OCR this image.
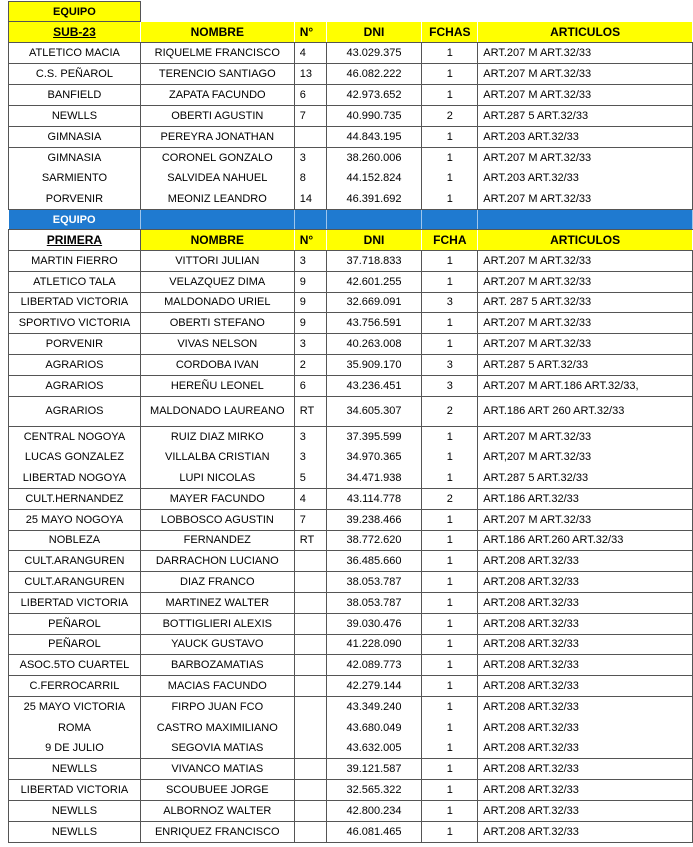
EQUIPO					
SUB-23	NOMBRE	N°	DNI	FCHAS	ARTICULOS
ATLETICO MACIA	RIQUELME FRANCISCO	4	43.029.375	1	ART.207 M ART.32/33
C.S. PEÑAROL	TERENCIO SANTIAGO	13	46.082.222	1	ART.207 M ART.32/33
BANFIELD	ZAPATA FACUNDO	6	42.973.652	1	ART.207 M ART.32/33
NEWLLS	OBERTI AGUSTIN	7	40.990.735	2	ART.287 5 ART.32/33
GIMNASIA	PEREYRA JONATHAN		44.843.195	1	ART.203 ART.32/33
GIMNASIA	CORONEL GONZALO	3	38.260.006	1	ART.207 M ART.32/33
SARMIENTO	SALVIDEA NAHUEL	8	44.152.824	1	ART.203 ART.32/33
PORVENIR	MEONIZ LEANDRO	14	46.391.692	1	ART.207 M ART.32/33
EQUIPO					
PRIMERA	NOMBRE	N°	DNI	FCHA	ARTICULOS
MARTIN FIERRO	VITTORI JULIAN	3	37.718.833	1	ART.207 M ART.32/33
ATLETICO TALA	VELAZQUEZ DIMA	9	42.601.255	1	ART.207 M ART.32/33
LIBERTAD VICTORIA	MALDONADO URIEL	9	32.669.091	3	ART. 287 5 ART.32/33
SPORTIVO VICTORIA	OBERTI STEFANO	9	43.756.591	1	ART.207 M ART.32/33
PORVENIR	VIVAS NELSON	3	40.263.008	1	ART.207 M ART.32/33
AGRARIOS	CORDOBA IVAN	2	35.909.170	3	ART.287 5 ART.32/33
AGRARIOS	HEREÑU LEONEL	6	43.236.451	3	ART.207 M ART.186 ART.32/33,
AGRARIOS	MALDONADO LAUREANO	RT	34.605.307	2	ART.186 ART 260 ART.32/33
CENTRAL NOGOYA	RUIZ DIAZ MIRKO	3	37.395.599	1	ART.207 M ART.32/33
LUCAS GONZALEZ	VILLALBA CRISTIAN	3	34.970.365	1	ART,207 M ART.32/33
LIBERTAD NOGOYA	LUPI NICOLAS	5	34.471.938	1	ART.287 5 ART.32/33
CULT.HERNANDEZ	MAYER FACUNDO	4	43.114.778	2	ART.186 ART.32/33
25 MAYO NOGOYA	LOBBOSCO AGUSTIN	7	39.238.466	1	ART.207 M ART.32/33
NOBLEZA	FERNANDEZ	RT	38.772.620	1	ART.186 ART.260 ART.32/33
CULT.ARANGUREN	DARRACHON LUCIANO		36.485.660	1	ART.208 ART.32/33
CULT.ARANGUREN	DIAZ FRANCO		38.053.787	1	ART.208 ART.32/33
LIBERTAD VICTORIA	MARTINEZ WALTER		38.053.787	1	ART.208 ART.32/33
PEÑAROL	BOTTIGLIERI ALEXIS		39.030.476	1	ART.208 ART.32/33
PEÑAROL	YAUCK GUSTAVO		41.228.090	1	ART.208 ART.32/33
ASOC.5TO CUARTEL	BARBOZAMATIAS		42.089.773	1	ART.208 ART.32/33
C.FERROCARRIL	MACIAS FACUNDO		42.279.144	1	ART.208 ART.32/33
25 MAYO VICTORIA	FIRPO JUAN FCO		43.349.240	1	ART.208 ART.32/33
ROMA	CASTRO MAXIMILIANO		43.680.049	1	ART.208 ART.32/33
9 DE JULIO	SEGOVIA MATIAS		43.632.005	1	ART.208 ART.32/33
NEWLLS	VIVANCO MATIAS		39.121.587	1	ART.208 ART.32/33
LIBERTAD VICTORIA	SCOUBUEE JORGE		32.565.322	1	ART.208 ART.32/33
NEWLLS	ALBORNOZ WALTER		42.800.234	1	ART.208 ART.32/33
NEWLLS	ENRIQUEZ FRANCISCO		46.081.465	1	ART.208 ART.32/33
